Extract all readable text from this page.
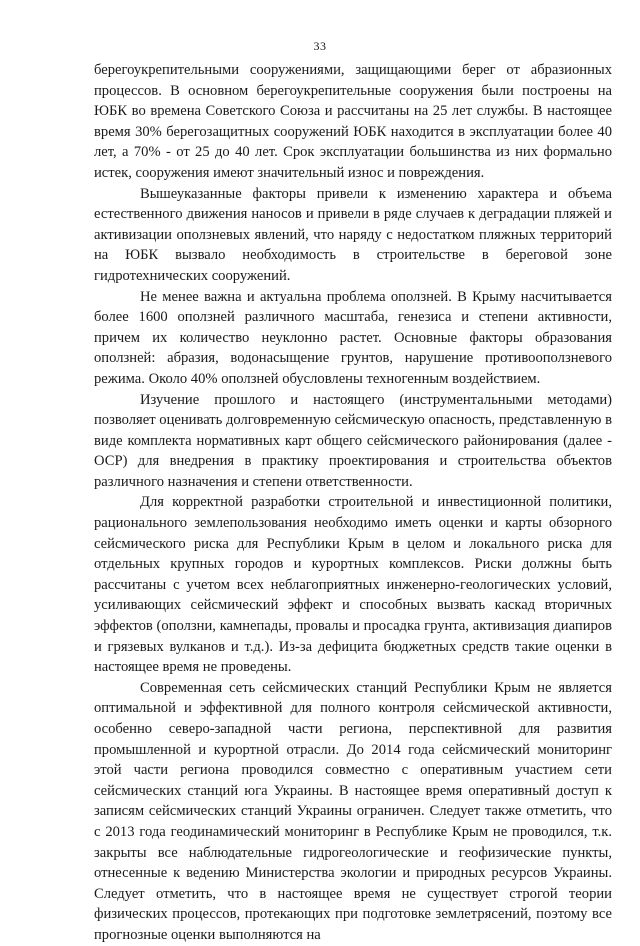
33

берегоукрепительными сооружениями, защищающими берег от абразионных процессов. В основном берегоукрепительные сооружения были построены на ЮБК во времена Советского Союза и рассчитаны на 25 лет службы. В настоящее время 30% берегозащитных сооружений ЮБК находится в эксплуатации более 40 лет, а 70% - от 25 до 40 лет. Срок эксплуатации большинства из них формально истек, сооружения имеют значительный износ и повреждения.

Вышеуказанные факторы привели к изменению характера и объема естественного движения наносов и привели в ряде случаев к деградации пляжей и активизации оползневых явлений, что наряду с недостатком пляжных территорий на ЮБК вызвало необходимость в строительстве в береговой зоне гидротехнических сооружений.

Не менее важна и актуальна проблема оползней. В Крыму насчитывается более 1600 оползней различного масштаба, генезиса и степени активности, причем их количество неуклонно растет. Основные факторы образования оползней: абразия, водонасыщение грунтов, нарушение противооползневого режима. Около 40% оползней обусловлены техногенным воздействием.

Изучение прошлого и настоящего (инструментальными методами) позволяет оценивать долговременную сейсмическую опасность, представленную в виде комплекта нормативных карт общего сейсмического районирования (далее - ОСР) для внедрения в практику проектирования и строительства объектов различного назначения и степени ответственности.

Для корректной разработки строительной и инвестиционной политики, рационального землепользования необходимо иметь оценки и карты обзорного сейсмического риска для Республики Крым в целом и локального риска для отдельных крупных городов и курортных комплексов. Риски должны быть рассчитаны с учетом всех неблагоприятных инженерно-геологических условий, усиливающих сейсмический эффект и способных вызвать каскад вторичных эффектов (оползни, камнепады, провалы и просадка грунта, активизация диапиров и грязевых вулканов и т.д.). Из-за дефицита бюджетных средств такие оценки в настоящее время не проведены.

Современная сеть сейсмических станций Республики Крым не является оптимальной и эффективной для полного контроля сейсмической активности, особенно северо-западной части региона, перспективной для развития промышленной и курортной отрасли. До 2014 года сейсмический мониторинг этой части региона проводился совместно с оперативным участием сети сейсмических станций юга Украины. В настоящее время оперативный доступ к записям сейсмических станций Украины ограничен. Следует также отметить, что с 2013 года геодинамический мониторинг в Республике Крым не проводился, т.к. закрыты все наблюдательные гидрогеологические и геофизические пункты, отнесенные к ведению Министерства экологии и природных ресурсов Украины. Следует отметить, что в настоящее время не существует строгой теории физических процессов, протекающих при подготовке землетрясений, поэтому все прогнозные оценки выполняются на
